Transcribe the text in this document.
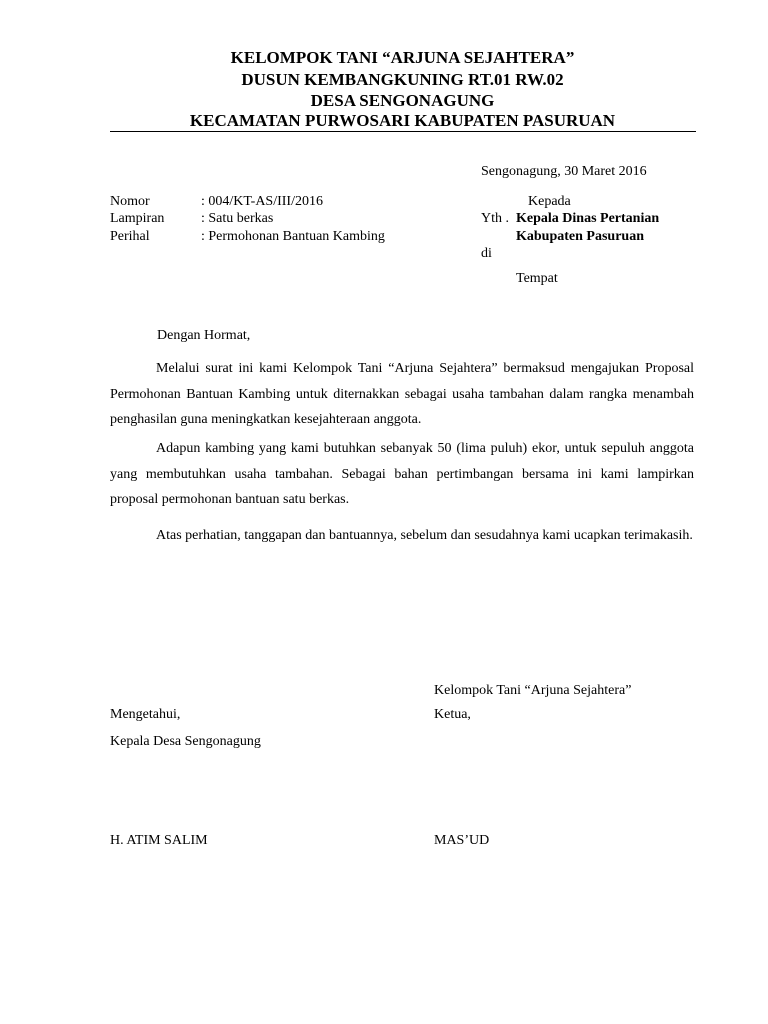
KELOMPOK TANI “ARJUNA SEJAHTERA”
DUSUN KEMBANGKUNING RT.01 RW.02
DESA SENGONAGUNG
KECAMATAN PURWOSARI KABUPATEN PASURUAN
Sengonagung, 30 Maret 2016
Nomor	: 004/KT-AS/III/2016
Lampiran	: Satu berkas
Perihal	: Permohonan Bantuan Kambing
Kepada
Yth . Kepala Dinas Pertanian
Kabupaten Pasuruan
di
Tempat
Dengan Hormat,
Melalui surat ini kami Kelompok Tani “Arjuna Sejahtera” bermaksud mengajukan Proposal Permohonan Bantuan Kambing untuk diternakkan sebagai usaha tambahan dalam rangka menambah penghasilan guna meningkatkan kesejahteraan anggota.
Adapun kambing yang kami butuhkan sebanyak 50 (lima puluh) ekor, untuk sepuluh anggota yang membutuhkan usaha tambahan. Sebagai bahan pertimbangan bersama ini kami lampirkan proposal permohonan bantuan satu berkas.
Atas perhatian, tanggapan dan bantuannya, sebelum dan sesudahnya kami ucapkan terimakasih.
Mengetahui,
Kepala Desa Sengonagung
H. ATIM SALIM
Kelompok Tani “Arjuna Sejahtera”
Ketua,
MAS’UD
